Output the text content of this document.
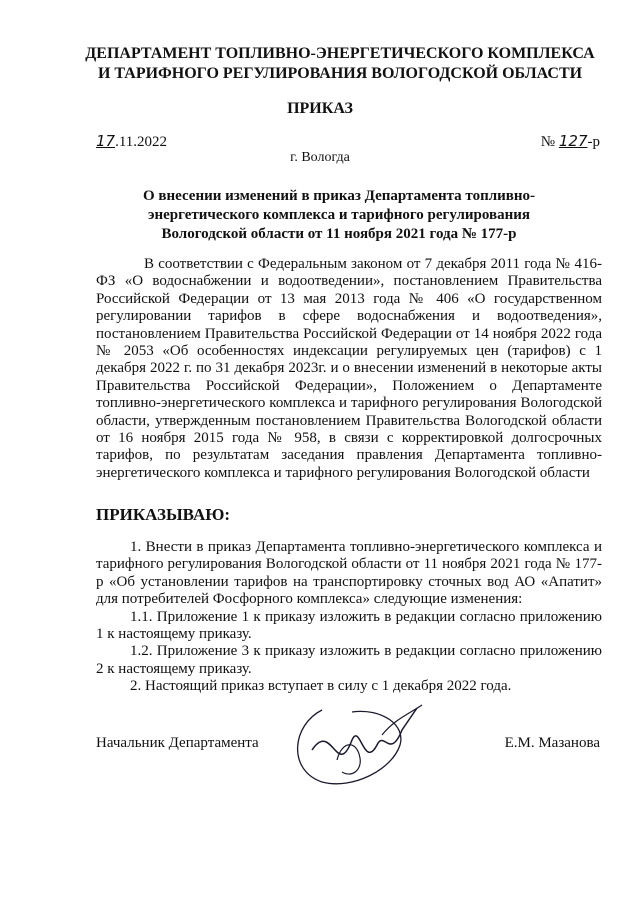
ДЕПАРТАМЕНТ ТОПЛИВНО-ЭНЕРГЕТИЧЕСКОГО КОМПЛЕКСА
И ТАРИФНОГО РЕГУЛИРОВАНИЯ ВОЛОГОДСКОЙ ОБЛАСТИ
ПРИКАЗ
17.11.2022	№ 127-р
г. Вологда
О внесении изменений в приказ Департамента топливно-энергетического комплекса и тарифного регулирования Вологодской области от 11 ноября 2021 года № 177-р

В соответствии с Федеральным законом от 7 декабря 2011 года № 416-ФЗ «О водоснабжении и водоотведении», постановлением Правительства Российской Федерации от 13 мая 2013 года № 406 «О государственном регулировании тарифов в сфере водоснабжения и водоотведения», постановлением Правительства Российской Федерации от 14 ноября 2022 года № 2053 «Об особенностях индексации регулируемых цен (тарифов) с 1 декабря 2022 г. по 31 декабря 2023г. и о внесении изменений в некоторые акты Правительства Российской Федерации», Положением о Департаменте топливно-энергетического комплекса и тарифного регулирования Вологодской области, утвержденным постановлением Правительства Вологодской области от 16 ноября 2015 года № 958, в связи с корректировкой долгосрочных тарифов, по результатам заседания правления Департамента топливно-энергетического комплекса и тарифного регулирования Вологодской области

ПРИКАЗЫВАЮ:

1. Внести в приказ Департамента топливно-энергетического комплекса и тарифного регулирования Вологодской области от 11 ноября 2021 года № 177-р «Об установлении тарифов на транспортировку сточных вод АО «Апатит» для потребителей Фосфорного комплекса» следующие изменения:

1.1. Приложение 1 к приказу изложить в редакции согласно приложению 1 к настоящему приказу.

1.2. Приложение 3 к приказу изложить в редакции согласно приложению 2 к настоящему приказу.

2. Настоящий приказ вступает в силу с 1 декабря 2022 года.

Начальник Департамента	Е.М. Мазанова
